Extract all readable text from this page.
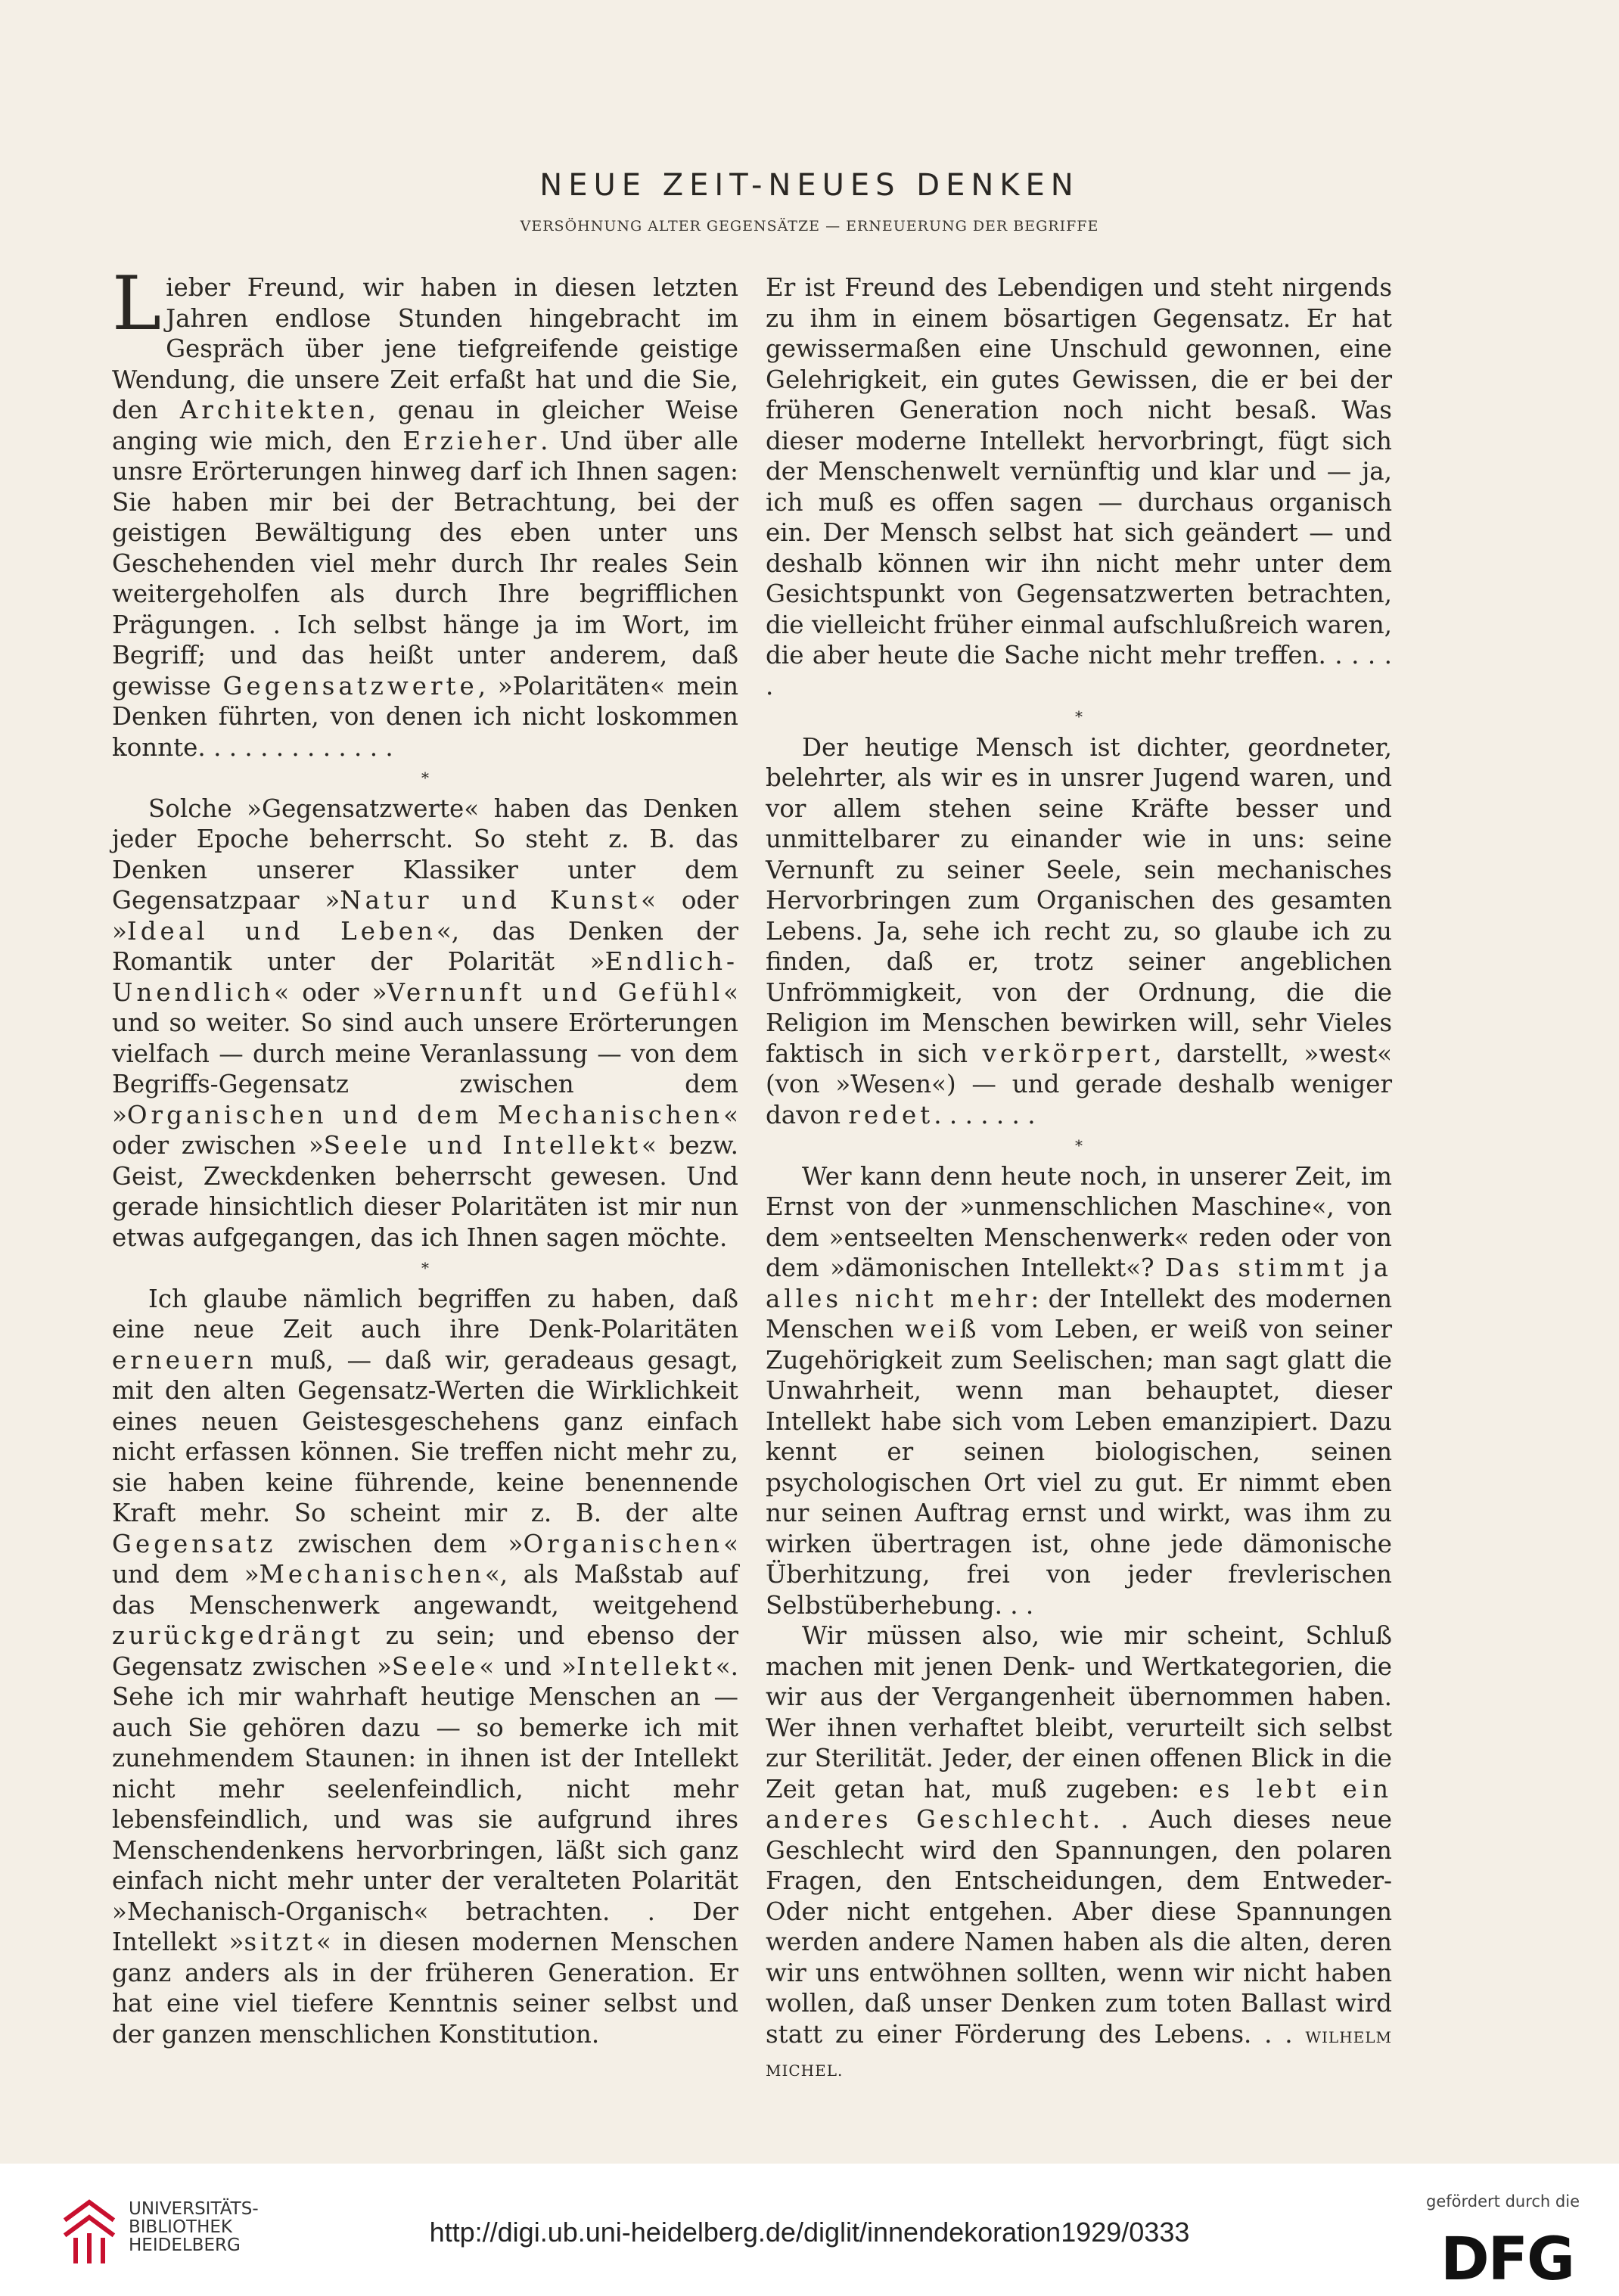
NEUE ZEIT-NEUES DENKEN
VERSÖHNUNG ALTER GEGENSÄTZE — ERNEUERUNG DER BEGRIFFE

Lieber Freund, wir haben in diesen letzten Jahren endlose Stunden hingebracht im Gespräch über jene tiefgreifende geistige Wendung, die unsere Zeit erfaßt hat und die Sie, den Architekten, genau in gleicher Weise anging wie mich, den Erzieher. Und über alle unsre Erörterungen hinweg darf ich Ihnen sagen: Sie haben mir bei der Betrachtung, bei der geistigen Bewältigung des eben unter uns Geschehenden viel mehr durch Ihr reales Sein weitergeholfen als durch Ihre begrifflichen Prägungen. . Ich selbst hänge ja im Wort, im Begriff; und das heißt unter anderem, daß gewisse Gegensatzwerte, »Polaritäten« mein Denken führten, von denen ich nicht loskommen konnte. . . . . . . . . . . . .

*

Solche »Gegensatzwerte« haben das Denken jeder Epoche beherrscht. So steht z. B. das Denken unserer Klassiker unter dem Gegensatzpaar »Natur und Kunst« oder »Ideal und Leben«, das Denken der Romantik unter der Polarität »Endlich-Unendlich« oder »Vernunft und Gefühl« und so weiter. So sind auch unsere Erörterungen vielfach — durch meine Veranlassung — von dem Begriffs-Gegensatz zwischen dem »Organischen und dem Mechanischen« oder zwischen »Seele und Intellekt« bezw. Geist, Zweckdenken beherrscht gewesen. Und gerade hinsichtlich dieser Polaritäten ist mir nun etwas aufgegangen, das ich Ihnen sagen möchte.

*

Ich glaube nämlich begriffen zu haben, daß eine neue Zeit auch ihre Denk-Polaritäten erneuern muß, — daß wir, geradeaus gesagt, mit den alten Gegensatz-Werten die Wirklichkeit eines neuen Geistesgeschehens ganz einfach nicht erfassen können. Sie treffen nicht mehr zu, sie haben keine führende, keine benennende Kraft mehr. So scheint mir z. B. der alte Gegensatz zwischen dem »Organischen« und dem »Mechanischen«, als Maßstab auf das Menschenwerk angewandt, weitgehend zurückgedrängt zu sein; und ebenso der Gegensatz zwischen »Seele« und »Intellekt«. Sehe ich mir wahrhaft heutige Menschen an — auch Sie gehören dazu — so bemerke ich mit zunehmendem Staunen: in ihnen ist der Intellekt nicht mehr seelenfeindlich, nicht mehr lebensfeindlich, und was sie aufgrund ihres Menschendenkens hervorbringen, läßt sich ganz einfach nicht mehr unter der veralteten Polarität »Mechanisch-Organisch« betrachten. . Der Intellekt »sitzt« in diesen modernen Menschen ganz anders als in der früheren Generation. Er hat eine viel tiefere Kenntnis seiner selbst und der ganzen menschlichen Konstitution.

Er ist Freund des Lebendigen und steht nirgends zu ihm in einem bösartigen Gegensatz. Er hat gewissermaßen eine Unschuld gewonnen, eine Gelehrigkeit, ein gutes Gewissen, die er bei der früheren Generation noch nicht besaß. Was dieser moderne Intellekt hervorbringt, fügt sich der Menschenwelt vernünftig und klar und — ja, ich muß es offen sagen — durchaus organisch ein. Der Mensch selbst hat sich geändert — und deshalb können wir ihn nicht mehr unter dem Gesichtspunkt von Gegensatzwerten betrachten, die vielleicht früher einmal aufschlußreich waren, die aber heute die Sache nicht mehr treffen. . . . . .

*

Der heutige Mensch ist dichter, geordneter, belehrter, als wir es in unsrer Jugend waren, und vor allem stehen seine Kräfte besser und unmittelbarer zu einander wie in uns: seine Vernunft zu seiner Seele, sein mechanisches Hervorbringen zum Organischen des gesamten Lebens. Ja, sehe ich recht zu, so glaube ich zu finden, daß er, trotz seiner angeblichen Unfrömmigkeit, von der Ordnung, die die Religion im Menschen bewirken will, sehr Vieles faktisch in sich verkörpert, darstellt, »west« (von »Wesen«) — und gerade deshalb weniger davon redet. . . . . . .

*

Wer kann denn heute noch, in unserer Zeit, im Ernst von der »unmenschlichen Maschine«, von dem »entseelten Menschenwerk« reden oder von dem »dämonischen Intellekt«? Das stimmt ja alles nicht mehr: der Intellekt des modernen Menschen weiß vom Leben, er weiß von seiner Zugehörigkeit zum Seelischen; man sagt glatt die Unwahrheit, wenn man behauptet, dieser Intellekt habe sich vom Leben emanzipiert. Dazu kennt er seinen biologischen, seinen psychologischen Ort viel zu gut. Er nimmt eben nur seinen Auftrag ernst und wirkt, was ihm zu wirken übertragen ist, ohne jede dämonische Überhitzung, frei von jeder frevlerischen Selbstüberhebung. . .

Wir müssen also, wie mir scheint, Schluß machen mit jenen Denk- und Wertkategorien, die wir aus der Vergangenheit übernommen haben. Wer ihnen verhaftet bleibt, verurteilt sich selbst zur Sterilität. Jeder, der einen offenen Blick in die Zeit getan hat, muß zugeben: es lebt ein anderes Geschlecht. . Auch dieses neue Geschlecht wird den Spannungen, den polaren Fragen, den Entscheidungen, dem Entweder-Oder nicht entgehen. Aber diese Spannungen werden andere Namen haben als die alten, deren wir uns entwöhnen sollten, wenn wir nicht haben wollen, daß unser Denken zum toten Ballast wird statt zu einer Förderung des Lebens. . . WILHELM MICHEL.

UNIVERSITÄTS-
BIBLIOTHEK
HEIDELBERG	http://digi.ub.uni-heidelberg.de/diglit/innendekoration1929/0333
gefördert durch die
DFG
